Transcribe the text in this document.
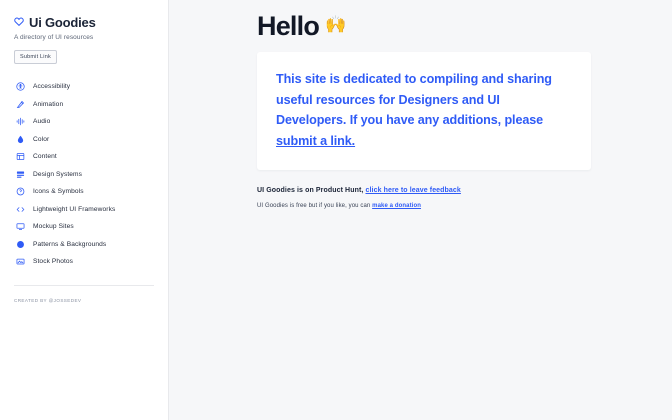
Ui Goodies
A directory of UI resources
Submit Link
Accessibility
Animation
Audio
Color
Content
Design Systems
Icons & Symbols
Lightweight UI Frameworks
Mockup Sites
Patterns & Backgrounds
Stock Photos
CREATED BY @JOSSEDEV
Hello 🙌

This site is dedicated to compiling and sharing useful resources for Designers and UI Developers. If you have any additions, please submit a link.

UI Goodies is on Product Hunt, click here to leave feedback

UI Goodies is free but if you like, you can make a donation
